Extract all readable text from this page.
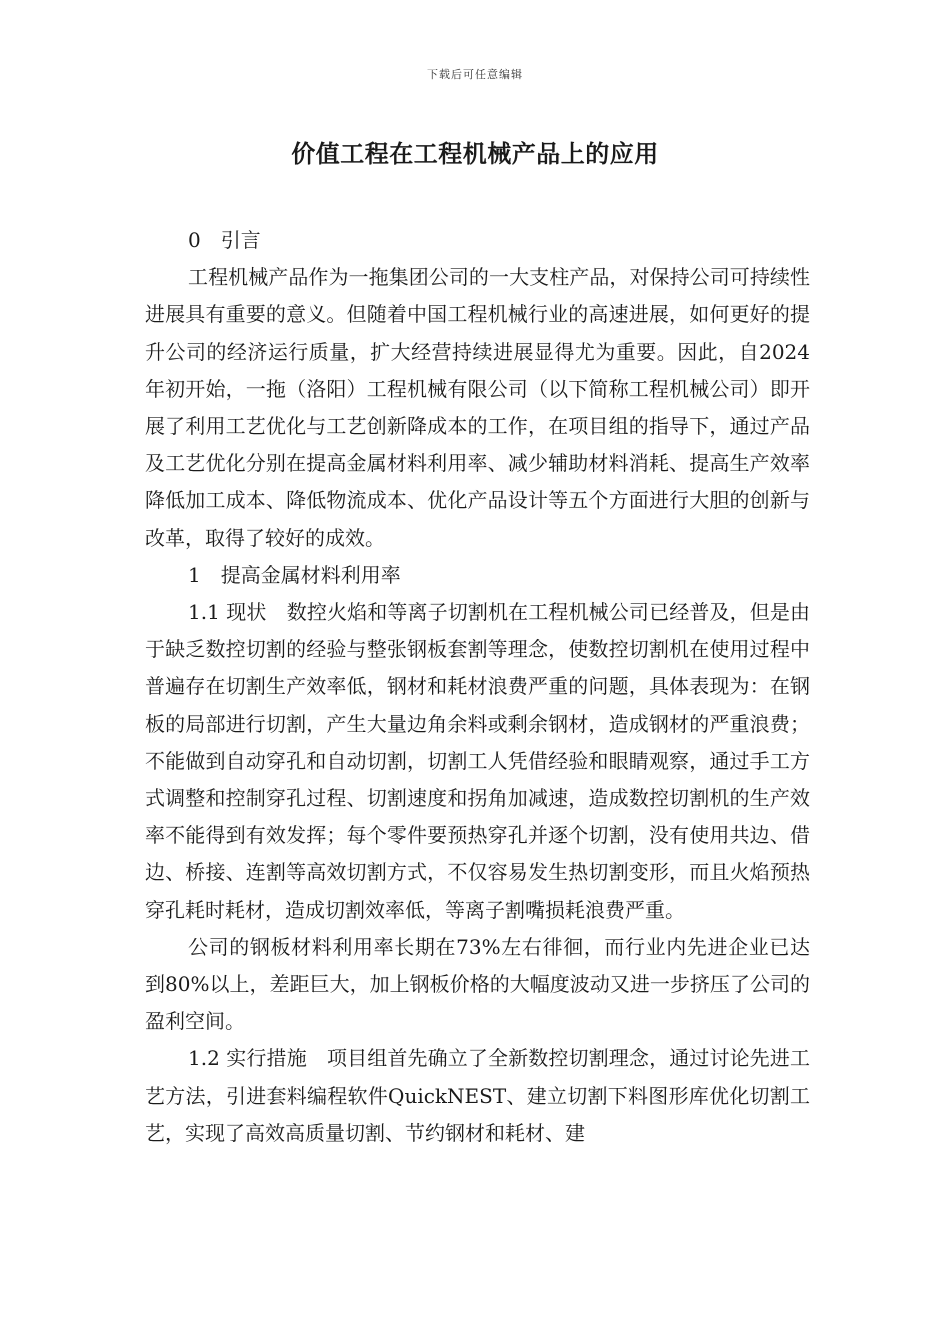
下载后可任意编辑
价值工程在工程机械产品上的应用

0　引言

工程机械产品作为一拖集团公司的一大支柱产品，对保持公司可持续性进展具有重要的意义。但随着中国工程机械行业的高速进展，如何更好的提升公司的经济运行质量，扩大经营持续进展显得尤为重要。因此，自2024年初开始，一拖（洛阳）工程机械有限公司（以下简称工程机械公司）即开展了利用工艺优化与工艺创新降成本的工作，在项目组的指导下，通过产品及工艺优化分别在提高金属材料利用率、减少辅助材料消耗、提高生产效率降低加工成本、降低物流成本、优化产品设计等五个方面进行大胆的创新与改革，取得了较好的成效。

1　提高金属材料利用率

1.1 现状　数控火焰和等离子切割机在工程机械公司已经普及，但是由于缺乏数控切割的经验与整张钢板套割等理念，使数控切割机在使用过程中普遍存在切割生产效率低，钢材和耗材浪费严重的问题，具体表现为：在钢板的局部进行切割，产生大量边角余料或剩余钢材，造成钢材的严重浪费；不能做到自动穿孔和自动切割，切割工人凭借经验和眼睛观察，通过手工方式调整和控制穿孔过程、切割速度和拐角加减速，造成数控切割机的生产效率不能得到有效发挥；每个零件要预热穿孔并逐个切割，没有使用共边、借边、桥接、连割等高效切割方式，不仅容易发生热切割变形，而且火焰预热穿孔耗时耗材，造成切割效率低，等离子割嘴损耗浪费严重。

公司的钢板材料利用率长期在73%左右徘徊，而行业内先进企业已达到80%以上，差距巨大，加上钢板价格的大幅度波动又进一步挤压了公司的盈利空间。

1.2 实行措施　项目组首先确立了全新数控切割理念，通过讨论先进工艺方法，引进套料编程软件QuickNEST、建立切割下料图形库优化切割工艺，实现了高效高质量切割、节约钢材和耗材、建
